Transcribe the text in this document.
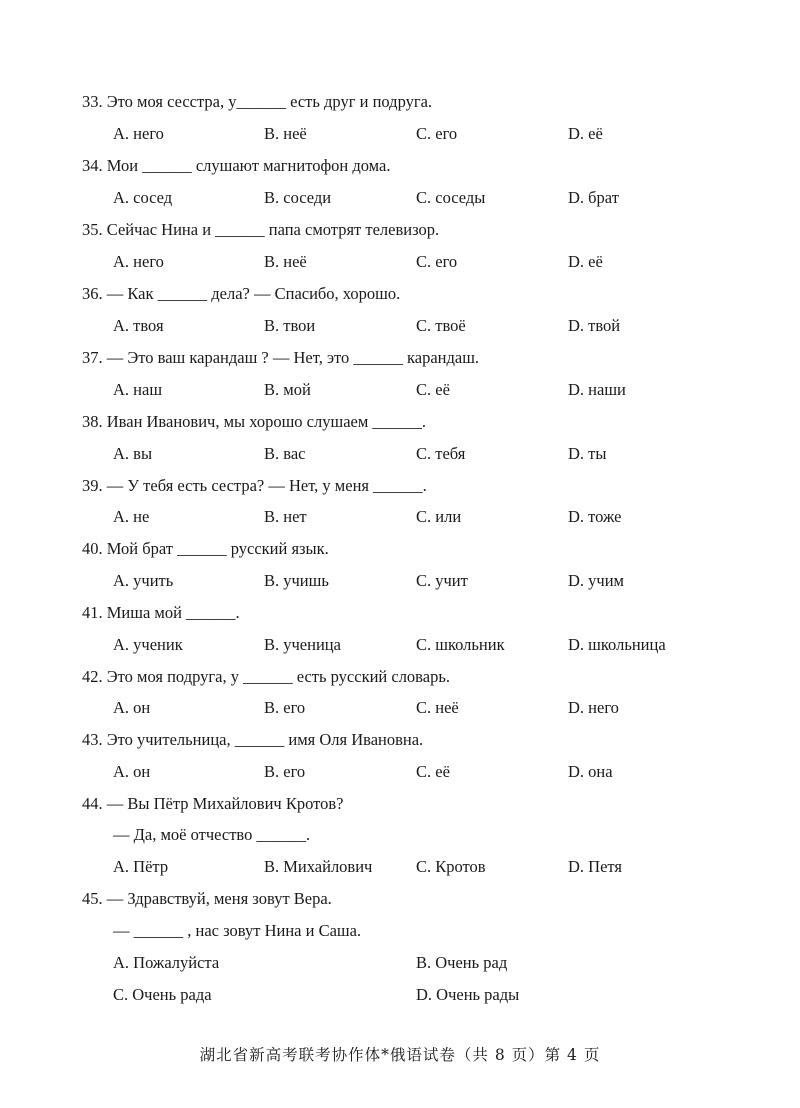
33. Это моя сесстра, у______ есть друг и подруга.
A. него	B. неё	C. его	D. её
34. Мои ______ слушают магнитофон дома.
A. сосед	B. соседи	C. соседы	D. брат
35. Сейчас Нина и ______ папа смотрят телевизор.
A. него	B. неё	C. его	D. её
36. — Как ______ дела? — Спасибо, хорошо.
A. твоя	B. твои	C. твоё	D. твой
37. — Это ваш карандаш ? — Нет, это ______ карандаш.
A. наш	B. мой	C. её	D. наши
38. Иван Иванович, мы хорошо слушаем ______.
A. вы	B. вас	C. тебя	D. ты
39. — У тебя есть сестра? — Нет, у меня ______.
A. не	B. нет	C. или	D. тоже
40. Мой брат ______ русский язык.
A. учить	B. учишь	C. учит	D. учим
41. Миша мой ______.
A. ученик	B. ученица	C. школьник	D. школьница
42. Это моя подруга, у ______ есть русский словарь.
A. он	B. его	C. неё	D. него
43. Это учительница, ______ имя Оля Ивановна.
A. он	B. его	C. её	D. она
44. — Вы Пётр Михайлович Кротов?
— Да, моё отчество ______.
A. Пётр	B. Михайлович	C. Кротов	D. Петя
45. — Здравствуй, меня зовут Вера.
— ______ , нас зовут Нина и Саша.
A. Пожалуйста	B. Очень рад
C. Очень рада	D. Очень рады
湖北省新高考联考协作体*俄语试卷（共 8 页）第 4 页
